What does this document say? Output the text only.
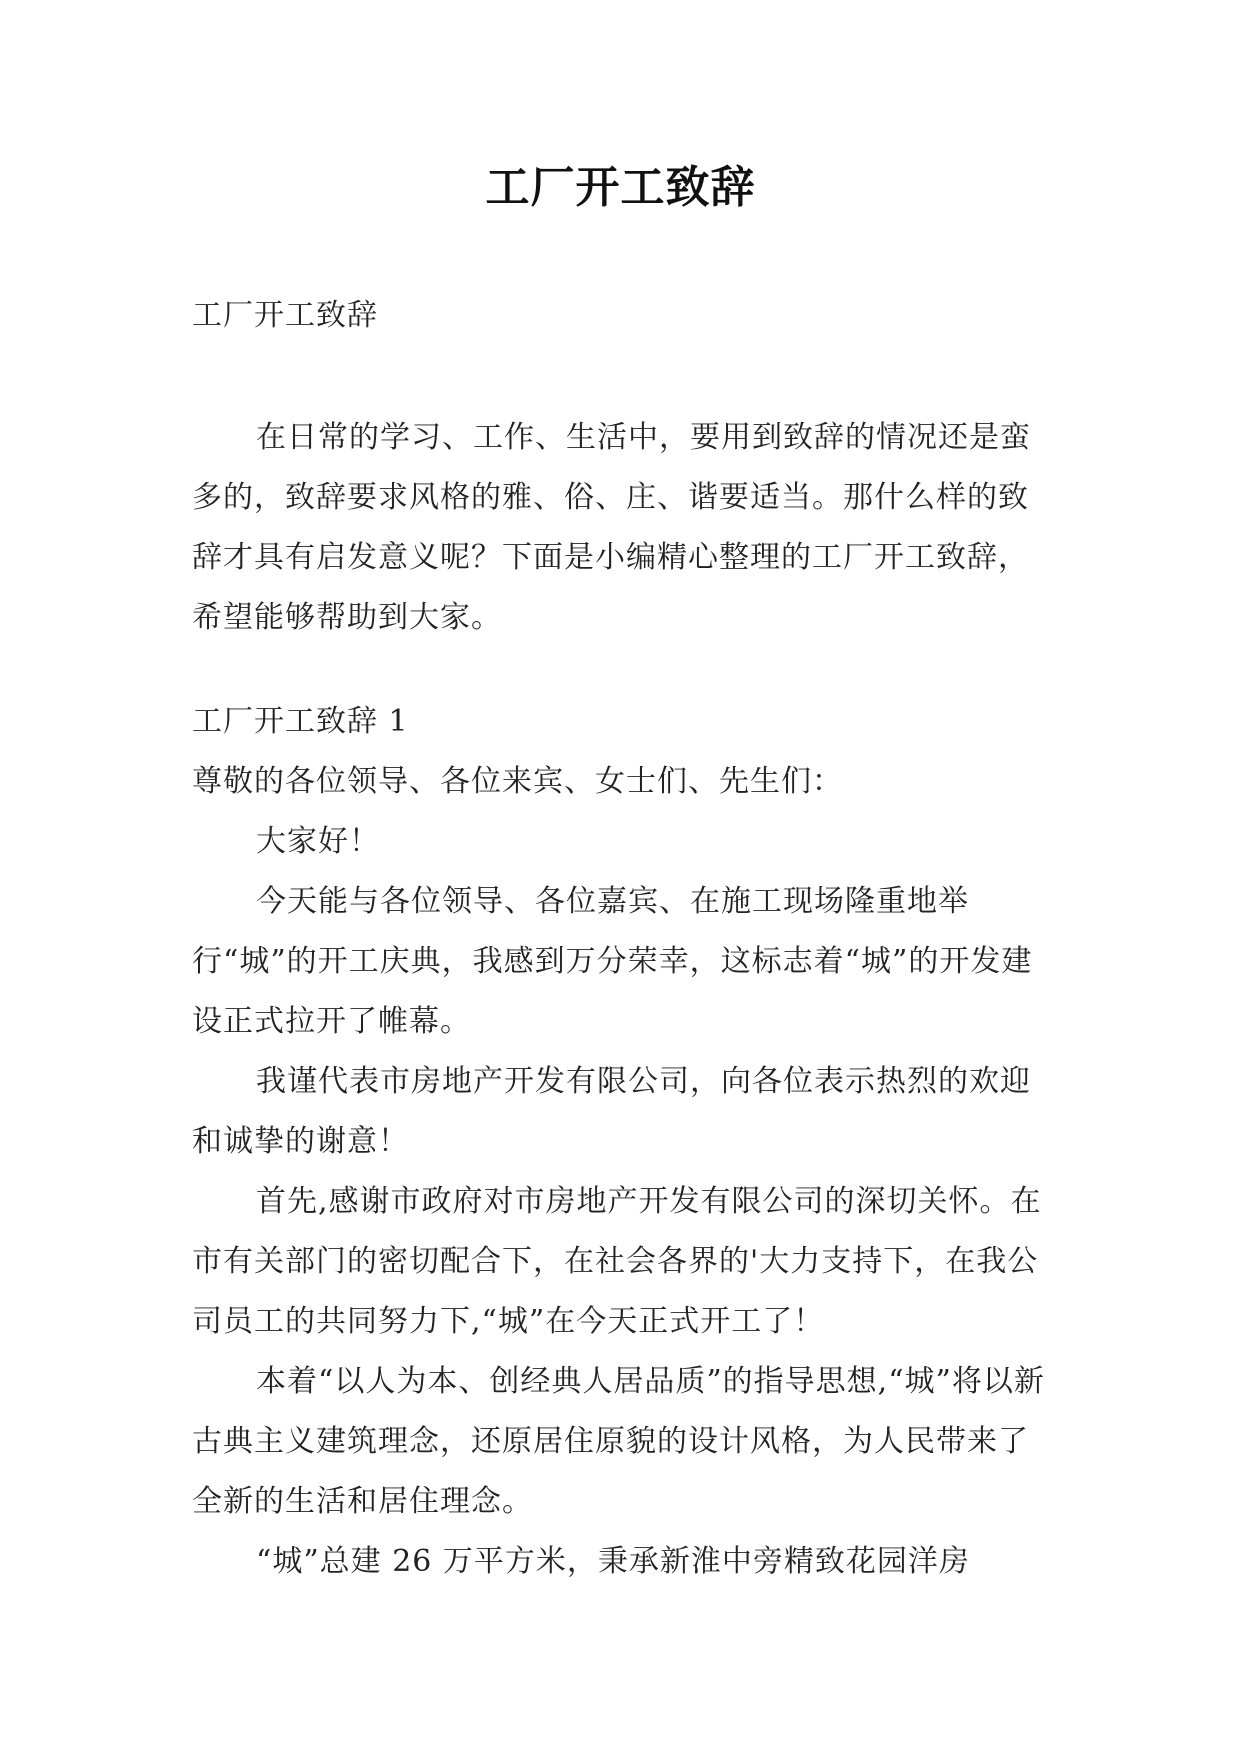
工厂开工致辞

工厂开工致辞

在日常的学习、工作、生活中，要用到致辞的情况还是蛮多的，致辞要求风格的雅、俗、庄、谐要适当。那什么样的致辞才具有启发意义呢？下面是小编精心整理的工厂开工致辞，希望能够帮助到大家。

工厂开工致辞 1

尊敬的各位领导、各位来宾、女士们、先生们：

大家好！

今天能与各位领导、各位嘉宾、在施工现场隆重地举行“城”的开工庆典，我感到万分荣幸，这标志着“城”的开发建设正式拉开了帷幕。

我谨代表市房地产开发有限公司，向各位表示热烈的欢迎和诚挚的谢意！

首先,感谢市政府对市房地产开发有限公司的深切关怀。在市有关部门的密切配合下，在社会各界的'大力支持下，在我公司员工的共同努力下,“城”在今天正式开工了！

本着“以人为本、创经典人居品质”的指导思想,“城”将以新古典主义建筑理念，还原居住原貌的设计风格，为人民带来了全新的生活和居住理念。

“城”总建 26 万平方米，秉承新淮中旁精致花园洋房
